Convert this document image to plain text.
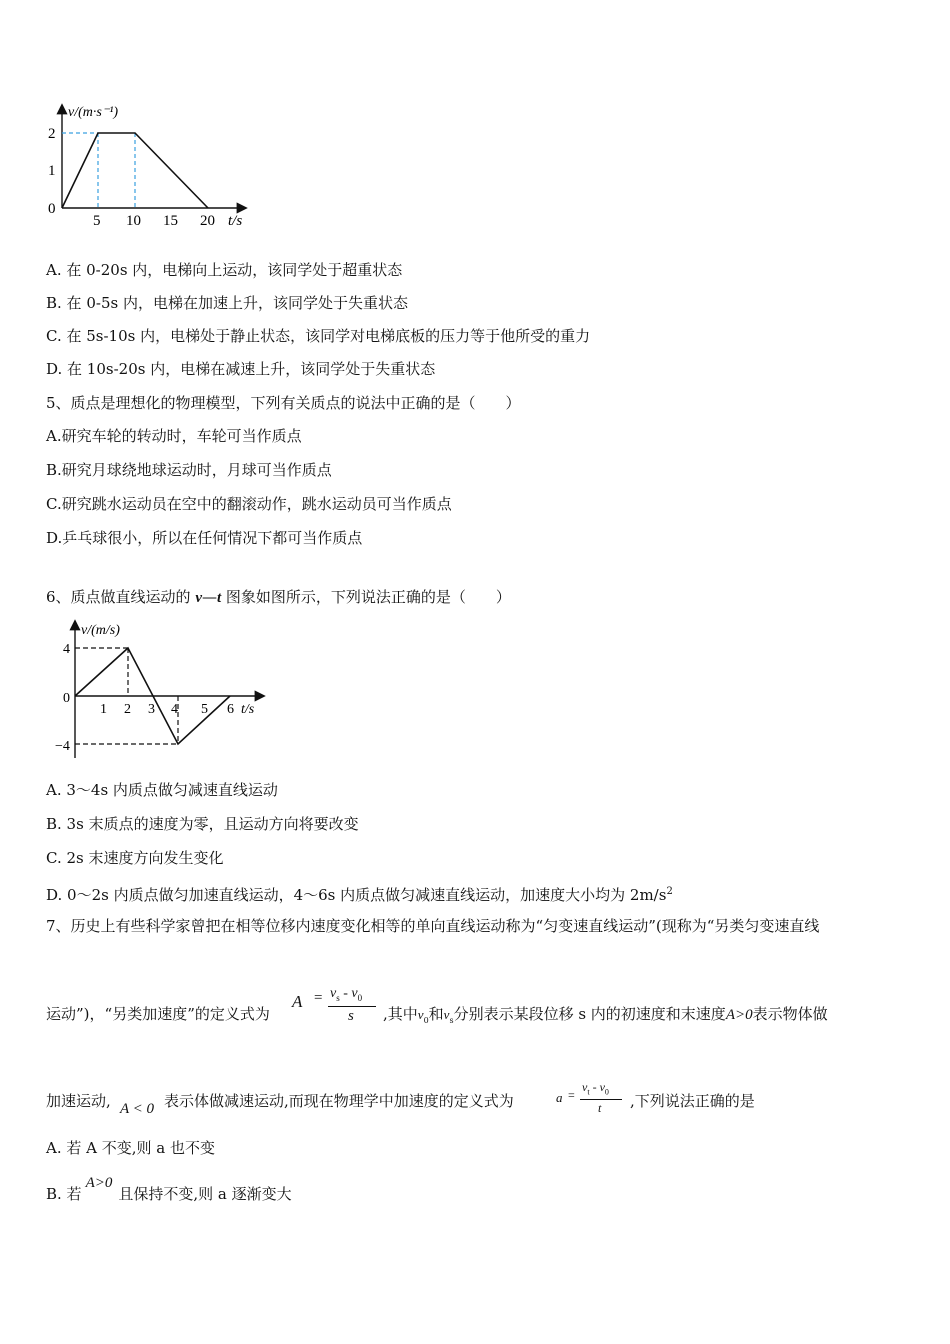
v/(m·s⁻¹)
2
1
0
5 10 15 20 t/s
A. 在 0-20s 内，电梯向上运动，该同学处于超重状态
B. 在 0-5s 内，电梯在加速上升，该同学处于失重状态
C. 在 5s-10s 内，电梯处于静止状态，该同学对电梯底板的压力等于他所受的重力
D. 在 10s-20s 内，电梯在减速上升，该同学处于失重状态
5、质点是理想化的物理模型，下列有关质点的说法中正确的是（　　）
A.研究车轮的转动时，车轮可当作质点
B.研究月球绕地球运动时，月球可当作质点
C.研究跳水运动员在空中的翻滚动作，跳水运动员可当作质点
D.乒乓球很小，所以在任何情况下都可当作质点
6、质点做直线运动的 v—t 图象如图所示，下列说法正确的是（　　）
v/(m/s)
4
0
−4
1 2 3 4 5 6 t/s
A. 3～4s 内质点做匀减速直线运动
B. 3s 末质点的速度为零，且运动方向将要改变
C. 2s 末速度方向发生变化
D. 0～2s 内质点做匀加速直线运动，4～6s 内质点做匀减速直线运动，加速度大小均为 $2m/s^2$
7、历史上有些科学家曾把在相等位移内速度变化相等的单向直线运动称为“匀变速直线运动”(现称为“另类匀变速直线
运动”)，“另类加速度”的定义式为
$A = v_s - v_0$
s ,其中$v_0$和$v_s$分别表示某段位移 s 内的初速度和末速度A>0表示物体做
加速运动, A < 0 表示体做减速运动,而现在物理学中加速度的定义式为	a =
$v_t - v_0$
t ,下列说法正确的是
A. 若 A 不变,则 a 也不变
B. 若A>0且保持不变,则 a 逐渐变大
